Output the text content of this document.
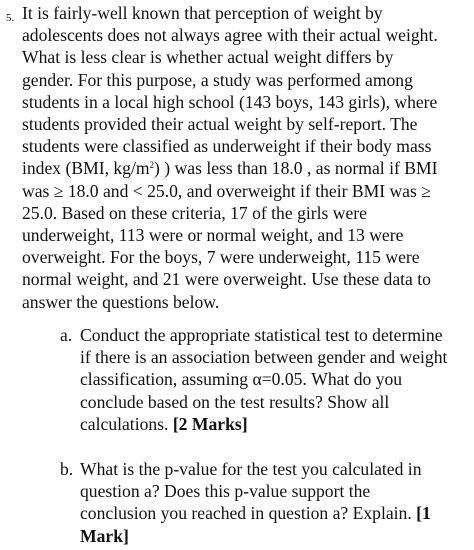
5. It is fairly-well known that perception of weight by
adolescents does not always agree with their actual weight.
What is less clear is whether actual weight differs by
gender. For this purpose, a study was performed among
students in a local high school (143 boys, 143 girls), where
students provided their actual weight by self-report. The
students were classified as underweight if their body mass
index (BMI, $kg/m^2$) ) was less than 18.0 , as normal if BMI
was ≥ 18.0 and < 25.0, and overweight if their BMI was ≥
25.0. Based on these criteria, 17 of the girls were
underweight, 113 were or normal weight, and 13 were
overweight. For the boys, 7 were underweight, 115 were
normal weight, and 21 were overweight. Use these data to
answer the questions below.
a. Conduct the appropriate statistical test to determine
if there is an association between gender and weight
classification, assuming α=0.05. What do you
conclude based on the test results? Show all
calculations. [2 Marks]
b. What is the p-value for the test you calculated in
question a? Does this p-value support the
conclusion you reached in question a? Explain. [1
Mark]
